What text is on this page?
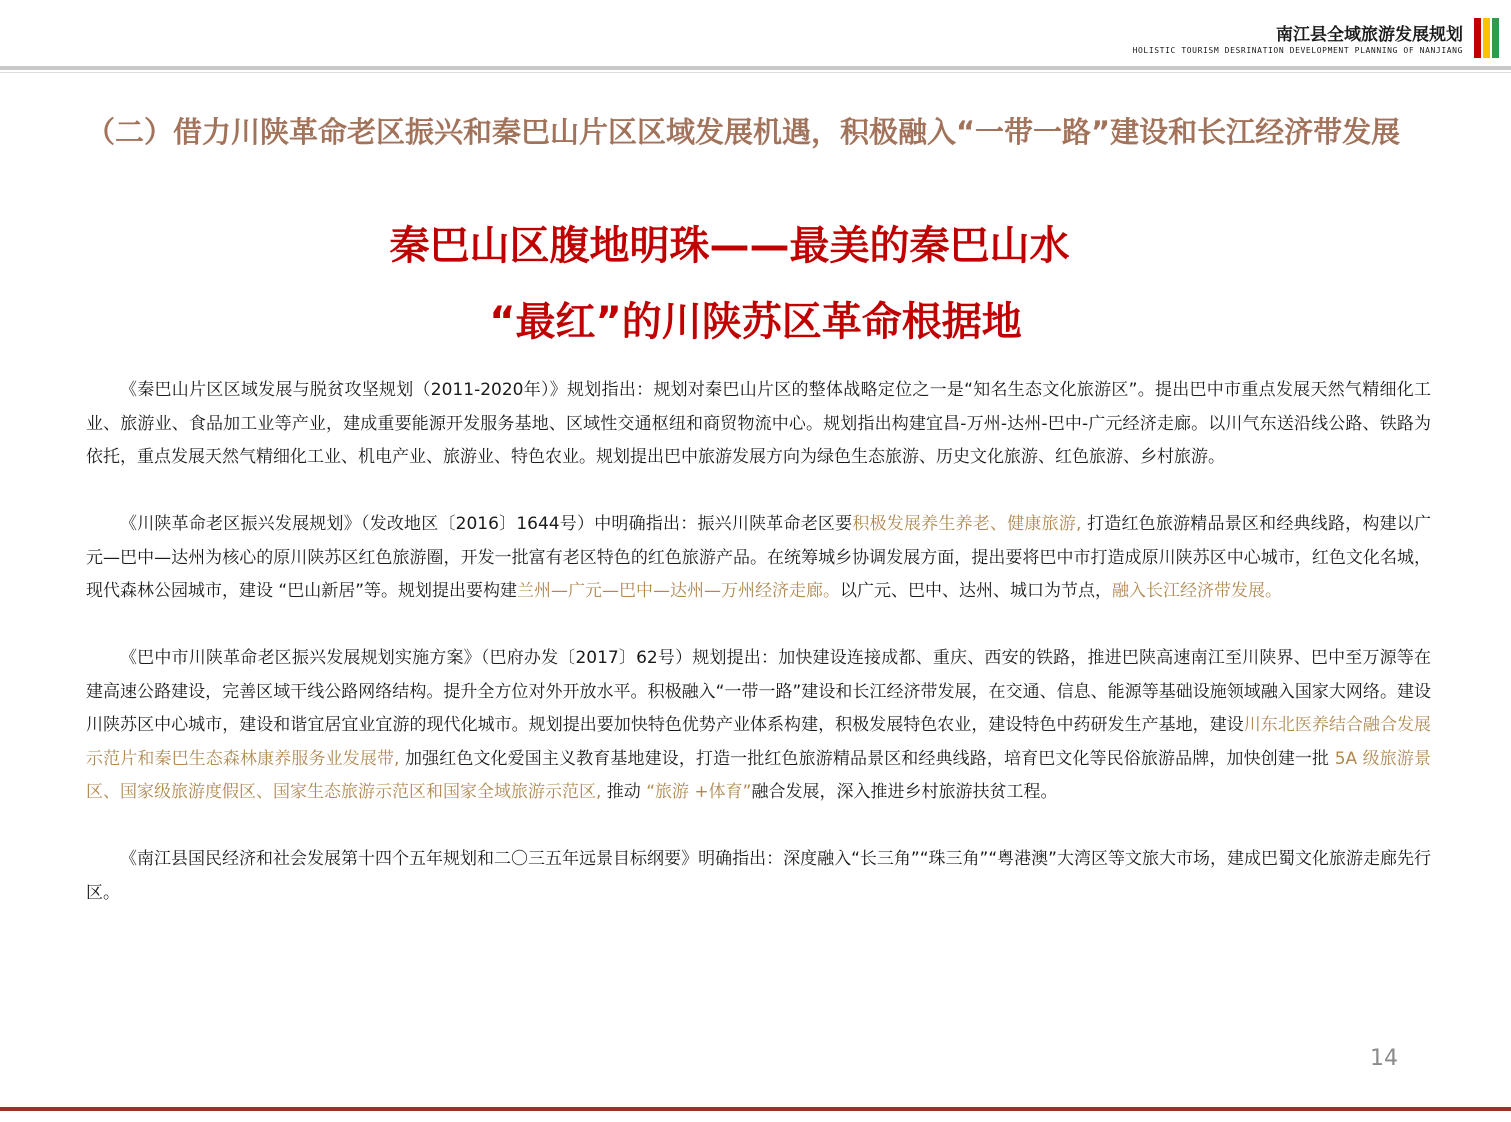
南江县全域旅游发展规划
HOLISTIC TOURISM DESRINATION DEVELOPMENT PLANNING OF NANJIANG
（二）借力川陕革命老区振兴和秦巴山片区区域发展机遇，积极融入“一带一路”建设和长江经济带发展
秦巴山区腹地明珠——最美的秦巴山水
“最红”的川陕苏区革命根据地

《秦巴山片区区域发展与脱贫攻坚规划（2011-2020年）》规划指出：规划对秦巴山片区的整体战略定位之一是“知名生态文化旅游区”。提出巴中市重点发展天然气精细化工业、旅游业、食品加工业等产业，建成重要能源开发服务基地、区域性交通枢纽和商贸物流中心。规划指出构建宜昌-万州-达州-巴中-广元经济走廊。以川气东送沿线公路、铁路为依托，重点发展天然气精细化工业、机电产业、旅游业、特色农业。规划提出巴中旅游发展方向为绿色生态旅游、历史文化旅游、红色旅游、乡村旅游。

《川陕革命老区振兴发展规划》（发改地区〔2016〕1644号）中明确指出：振兴川陕革命老区要积极发展养生养老、健康旅游, 打造红色旅游精品景区和经典线路，构建以广元—巴中—达州为核心的原川陕苏区红色旅游圈，开发一批富有老区特色的红色旅游产品。在统筹城乡协调发展方面，提出要将巴中市打造成原川陕苏区中心城市，红色文化名城，现代森林公园城市，建设 “巴山新居”等。规划提出要构建兰州—广元—巴中—达州—万州经济走廊。以广元、巴中、达州、城口为节点，融入长江经济带发展。

《巴中市川陕革命老区振兴发展规划实施方案》（巴府办发〔2017〕62号）规划提出：加快建设连接成都、重庆、西安的铁路，推进巴陕高速南江至川陕界、巴中至万源等在建高速公路建设，完善区域干线公路网络结构。提升全方位对外开放水平。积极融入“一带一路”建设和长江经济带发展，在交通、信息、能源等基础设施领域融入国家大网络。建设川陕苏区中心城市，建设和谐宜居宜业宜游的现代化城市。规划提出要加快特色优势产业体系构建，积极发展特色农业，建设特色中药研发生产基地，建设川东北医养结合融合发展示范片和秦巴生态森林康养服务业发展带, 加强红色文化爱国主义教育基地建设，打造一批红色旅游精品景区和经典线路，培育巴文化等民俗旅游品牌，加快创建一批 5A 级旅游景区、国家级旅游度假区、国家生态旅游示范区和国家全域旅游示范区, 推动 “旅游 +体育”融合发展，深入推进乡村旅游扶贫工程。

《南江县国民经济和社会发展第十四个五年规划和二〇三五年远景目标纲要》明确指出：深度融入“长三角”“珠三角”“粤港澳”大湾区等文旅大市场，建成巴蜀文化旅游走廊先行区。

14
